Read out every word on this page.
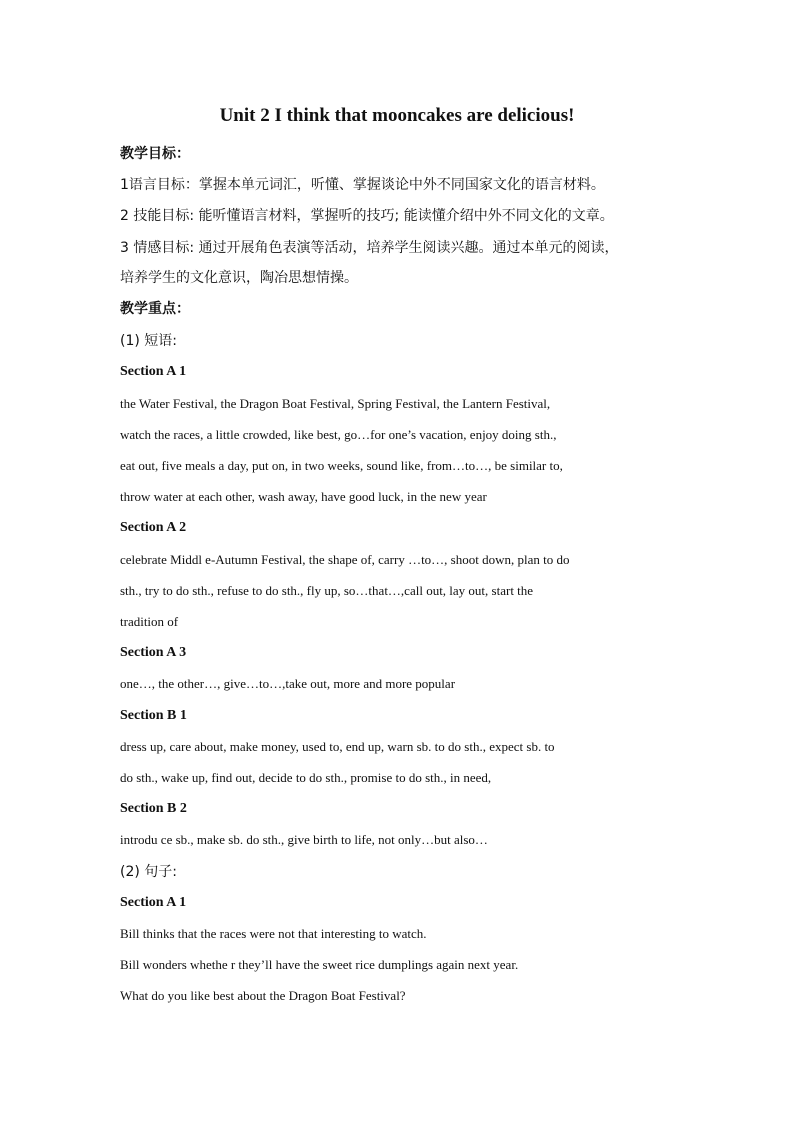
Unit 2 I think that mooncakes are delicious!
教学目标：
1语言目标：掌握本单元词汇，听懂、掌握谈论中外不同国家文化的语言材料。
2 技能目标: 能听懂语言材料，掌握听的技巧; 能读懂介绍中外不同文化的文章。
3 情感目标: 通过开展角色表演等活动，培养学生阅读兴趣。通过本单元的阅读，
培养学生的文化意识，陶冶思想情操。
教学重点：
(1) 短语:
Section A 1
the Water Festival, the Dragon Boat Festival, Spring Festival, the Lantern Festival,
watch the races, a little crowded, like best, go…for one’s vacation, enjoy doing sth.,
eat out, five meals a day, put on, in two weeks, sound like, from…to…, be similar to,
throw water at each other, wash away, have good luck, in the new year
Section A 2
celebrate Middl e-Autumn Festival, the shape of, carry …to…, shoot down, plan to do
sth., try to do sth., refuse to do sth., fly up, so…that…,call out, lay out, start the
tradition of
Section A 3
one…, the other…, give…to…,take out, more and more popular
Section B 1
dress up, care about, make money, used to, end up, warn sb. to do sth., expect sb. to
do sth., wake up, find out, decide to do sth., promise to do sth., in need,
Section B 2
introdu ce sb., make sb. do sth., give birth to life, not only…but also…
(2) 句子:
Section A 1
Bill thinks that the races were not that interesting to watch.
Bill wonders whethe r they’ll have the sweet rice dumplings again next year.
What do you like best about the Dragon Boat Festival?
